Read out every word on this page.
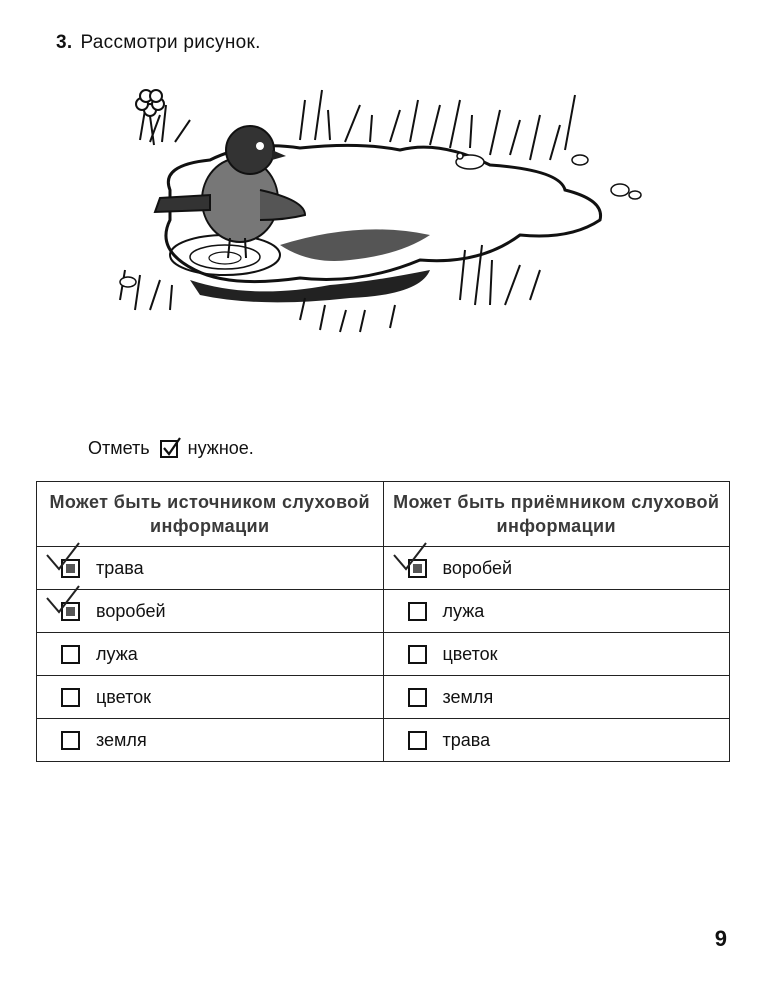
3. Рассмотри рисунок.
Отметь нужное.
Может быть источником слуховой информации	Может быть приёмником слуховой информации

трава	воробей

воробей	лужа

лужа	цветок

цветок	земля

земля	трава
9
